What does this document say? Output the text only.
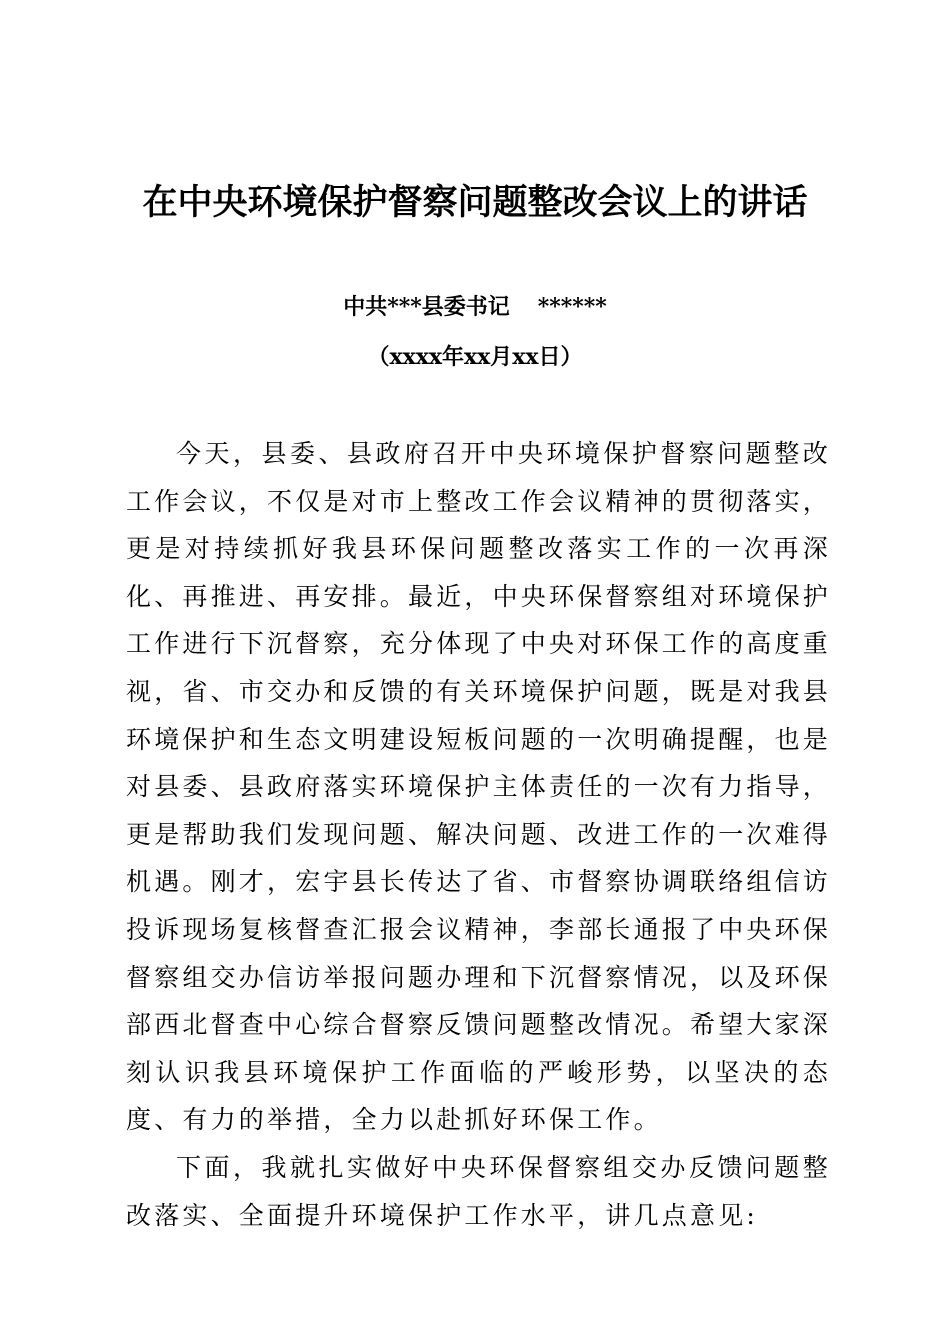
在中央环境保护督察问题整改会议上的讲话
中共***县委书记 ******
（xxxx年xx月xx日）

今天，县委、县政府召开中央环境保护督察问题整改工作会议，不仅是对市上整改工作会议精神的贯彻落实，更是对持续抓好我县环保问题整改落实工作的一次再深化、再推进、再安排。最近，中央环保督察组对环境保护工作进行下沉督察，充分体现了中央对环保工作的高度重视，省、市交办和反馈的有关环境保护问题，既是对我县环境保护和生态文明建设短板问题的一次明确提醒，也是对县委、县政府落实环境保护主体责任的一次有力指导，更是帮助我们发现问题、解决问题、改进工作的一次难得机遇。刚才，宏宇县长传达了省、市督察协调联络组信访投诉现场复核督查汇报会议精神，李部长通报了中央环保督察组交办信访举报问题办理和下沉督察情况，以及环保部西北督查中心综合督察反馈问题整改情况。希望大家深刻认识我县环境保护工作面临的严峻形势，以坚决的态度、有力的举措，全力以赴抓好环保工作。

下面，我就扎实做好中央环保督察组交办反馈问题整改落实、全面提升环境保护工作水平，讲几点意见:
